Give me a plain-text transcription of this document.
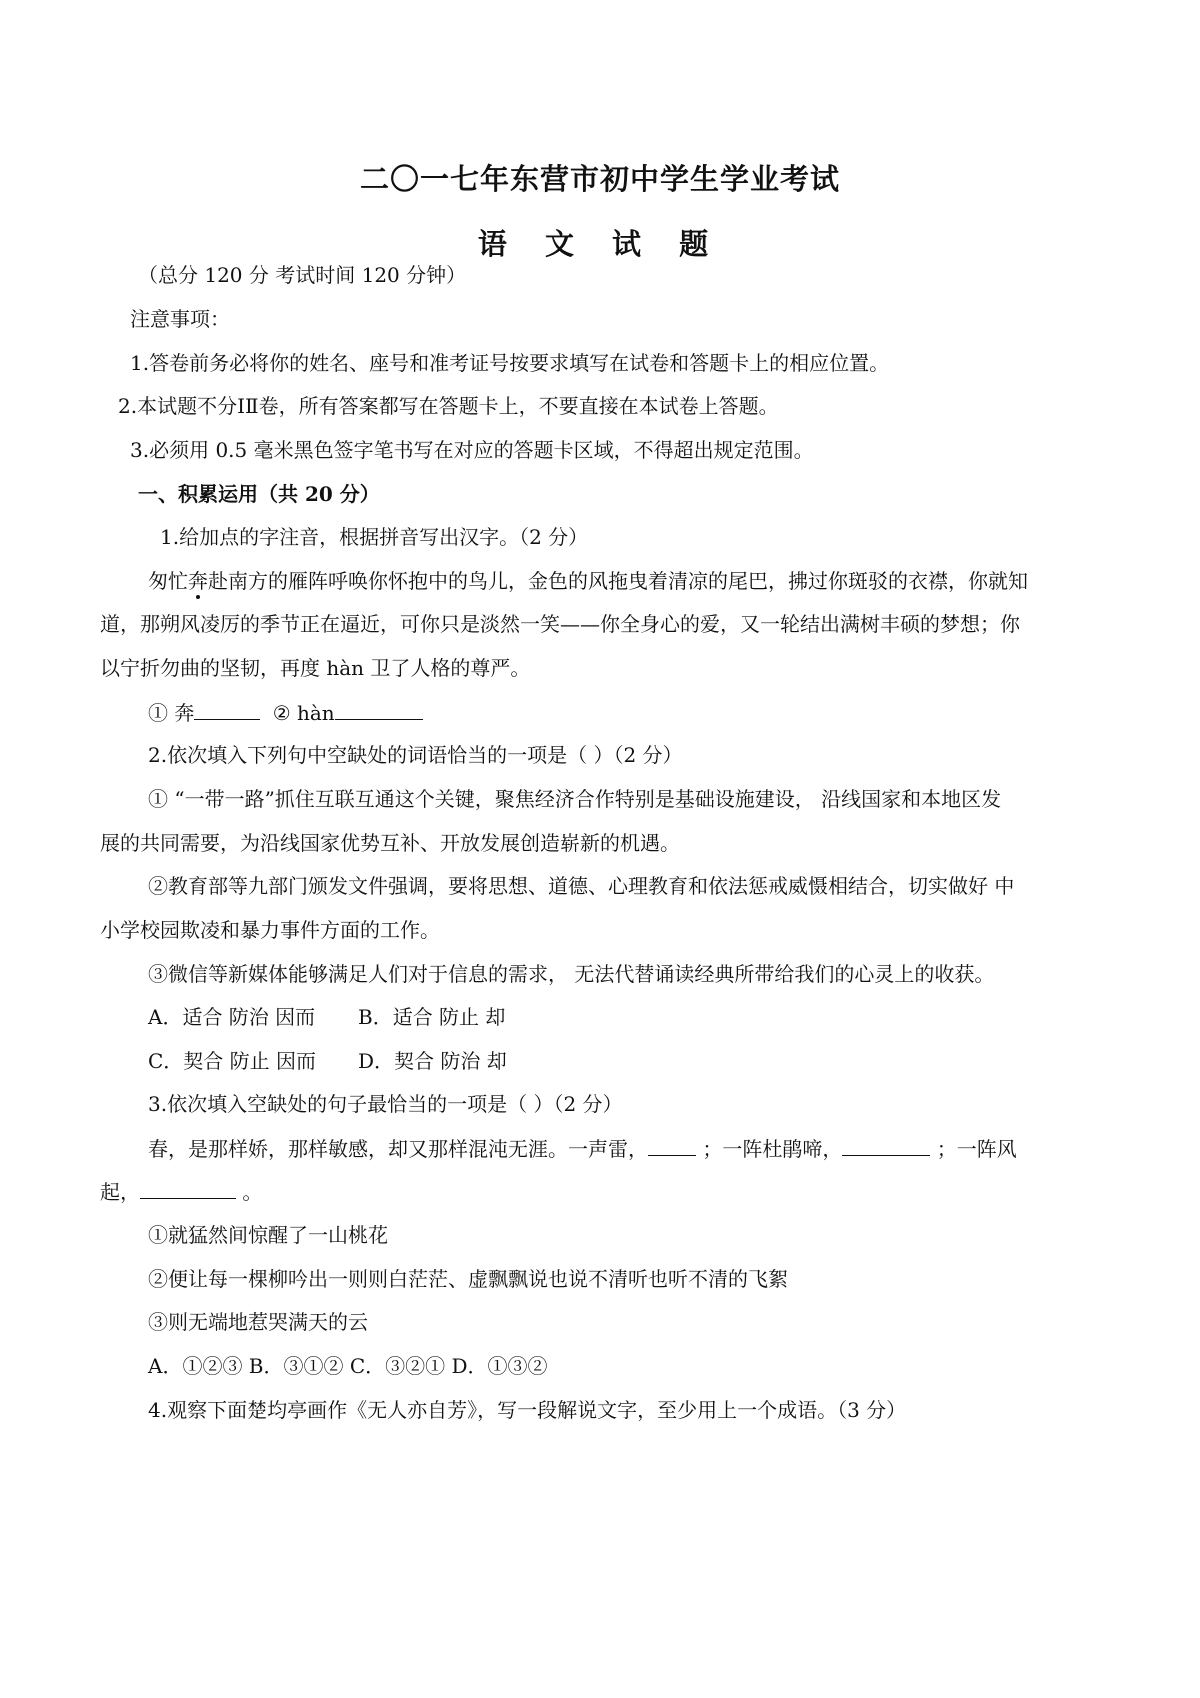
二〇一七年东营市初中学生学业考试
语 文 试 题
（总分 120 分 考试时间 120 分钟）
注意事项：
1.答卷前务必将你的姓名、座号和准考证号按要求填写在试卷和答题卡上的相应位置。
2.本试题不分ⅠⅡ卷，所有答案都写在答题卡上，不要直接在本试卷上答题。
3.必须用 0.5 毫米黑色签字笔书写在对应的答题卡区域，不得超出规定范围。
一、积累运用（共 20 分）
1.给加点的字注音，根据拼音写出汉字。（2 分）
匆忙奔赴南方的雁阵呼唤你怀抱中的鸟儿，金色的风拖曳着清凉的尾巴，拂过你斑驳的衣襟，你就知
道，那朔风凌厉的季节正在逼近，可你只是淡然一笑——你全身心的爱，又一轮结出满树丰硕的梦想；你
以宁折勿曲的坚韧，再度 hàn 卫了人格的尊严。
① 奔	② hàn
2.依次填入下列句中空缺处的词语恰当的一项是（ ）（2 分）
① “一带一路”抓住互联互通这个关键，聚焦经济合作特别是基础设施建设， 沿线国家和本地区发
展的共同需要，为沿线国家优势互补、开放发展创造崭新的机遇。
②教育部等九部门颁发文件强调，要将思想、道德、心理教育和依法惩戒威慑相结合，切实做好 中
小学校园欺凌和暴力事件方面的工作。
③微信等新媒体能够满足人们对于信息的需求， 无法代替诵读经典所带给我们的心灵上的收获。
A．适合 防治 因而 B．适合 防止 却
C．契合 防止 因而 D．契合 防治 却
3.依次填入空缺处的句子最恰当的一项是（ ）（2 分）
春，是那样娇，那样敏感，却又那样混沌无涯。一声雷，	；一阵杜鹃啼，	；一阵风
起，	。
①就猛然间惊醒了一山桃花
②便让每一棵柳吟出一则则白茫茫、虚飘飘说也说不清听也听不清的飞絮
③则无端地惹哭满天的云
A．①②③ B．③①② C．③②① D．①③②
4.观察下面楚均亭画作《无人亦自芳》，写一段解说文字，至少用上一个成语。（3 分）
